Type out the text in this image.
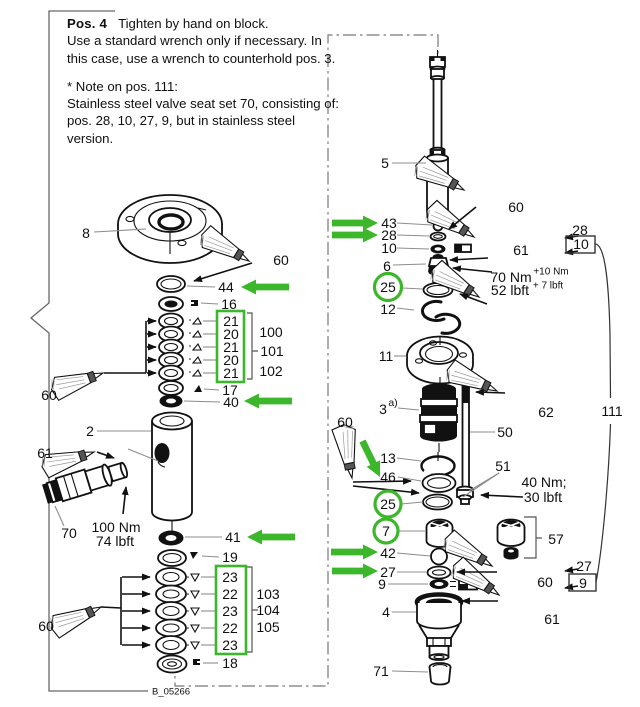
Pos. 4 Tighten by hand on block.
Use a standard wrench only if necessary. In
this case, use a wrench to counterhold pos. 3.
* Note on pos. 111:
Stainless steel valve seat set 70, consisting of:
pos. 28, 10, 27, 9, but in stainless steel version.
8
60
44
16
21
20
21
20
21
100
101
102
17
40
60
2
61
70 100 Nm
74 lbft	41
19
23
22
23
22
23
103
104
105
18
60
B_05266
5
60
43
28
10
6
61
70 Nm +10 Nm
52 lbft + 7 lbft
25
12
11
28
10
111
3 a)
62
50
60
13
46
25
51
40 Nm;
30 lbft
7	57
42
27
9	60
27
9
4	61
71
